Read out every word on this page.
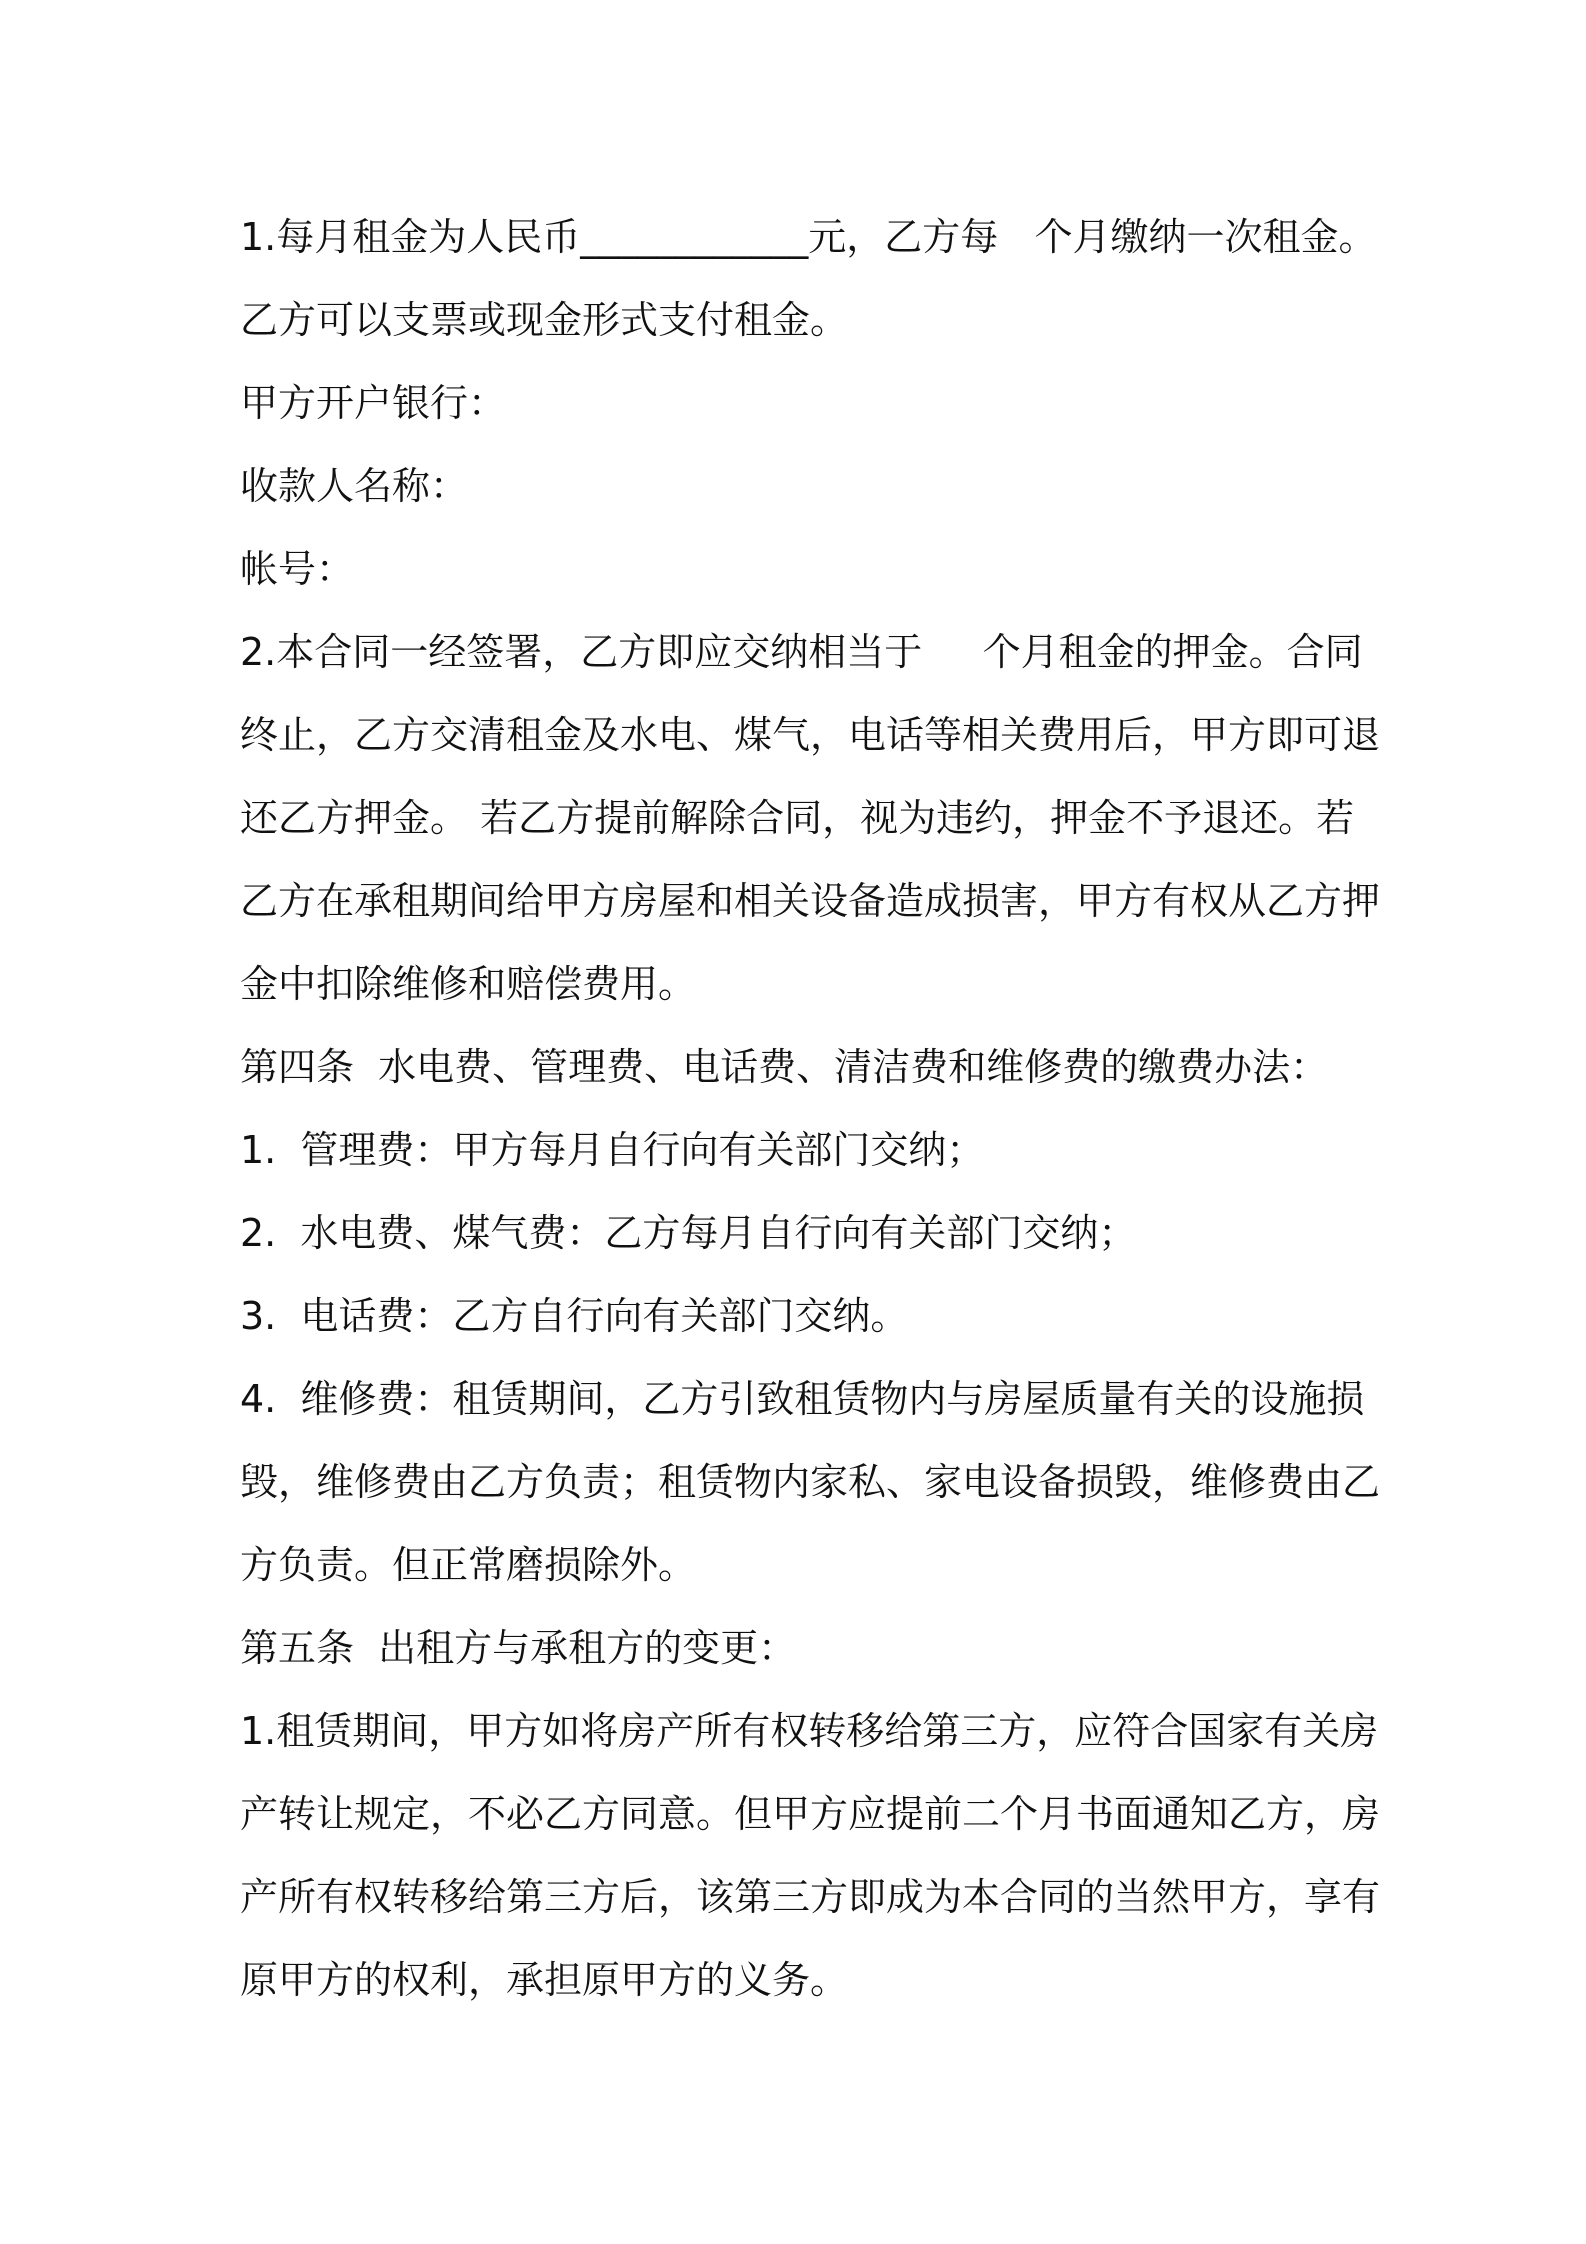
1.每月租金为人民币____________元，乙方每   个月缴纳一次租金。
乙方可以支票或现金形式支付租金。
甲方开户银行：
收款人名称：
帐号：
2.本合同一经签署，乙方即应交纳相当于     个月租金的押金。合同
终止，乙方交清租金及水电、煤气，电话等相关费用后，甲方即可退
还乙方押金。 若乙方提前解除合同，视为违约，押金不予退还。若
乙方在承租期间给甲方房屋和相关设备造成损害，甲方有权从乙方押
金中扣除维修和赔偿费用。
第四条  水电费、管理费、电话费、清洁费和维修费的缴费办法：
1.  管理费：甲方每月自行向有关部门交纳；
2.  水电费、煤气费：乙方每月自行向有关部门交纳；
3.  电话费：乙方自行向有关部门交纳。
4.  维修费：租赁期间，乙方引致租赁物内与房屋质量有关的设施损
毁，维修费由乙方负责；租赁物内家私、家电设备损毁，维修费由乙
方负责。但正常磨损除外。
第五条  出租方与承租方的变更：
1.租赁期间，甲方如将房产所有权转移给第三方，应符合国家有关房
产转让规定，不必乙方同意。但甲方应提前二个月书面通知乙方，房
产所有权转移给第三方后，该第三方即成为本合同的当然甲方，享有
原甲方的权利，承担原甲方的义务。
